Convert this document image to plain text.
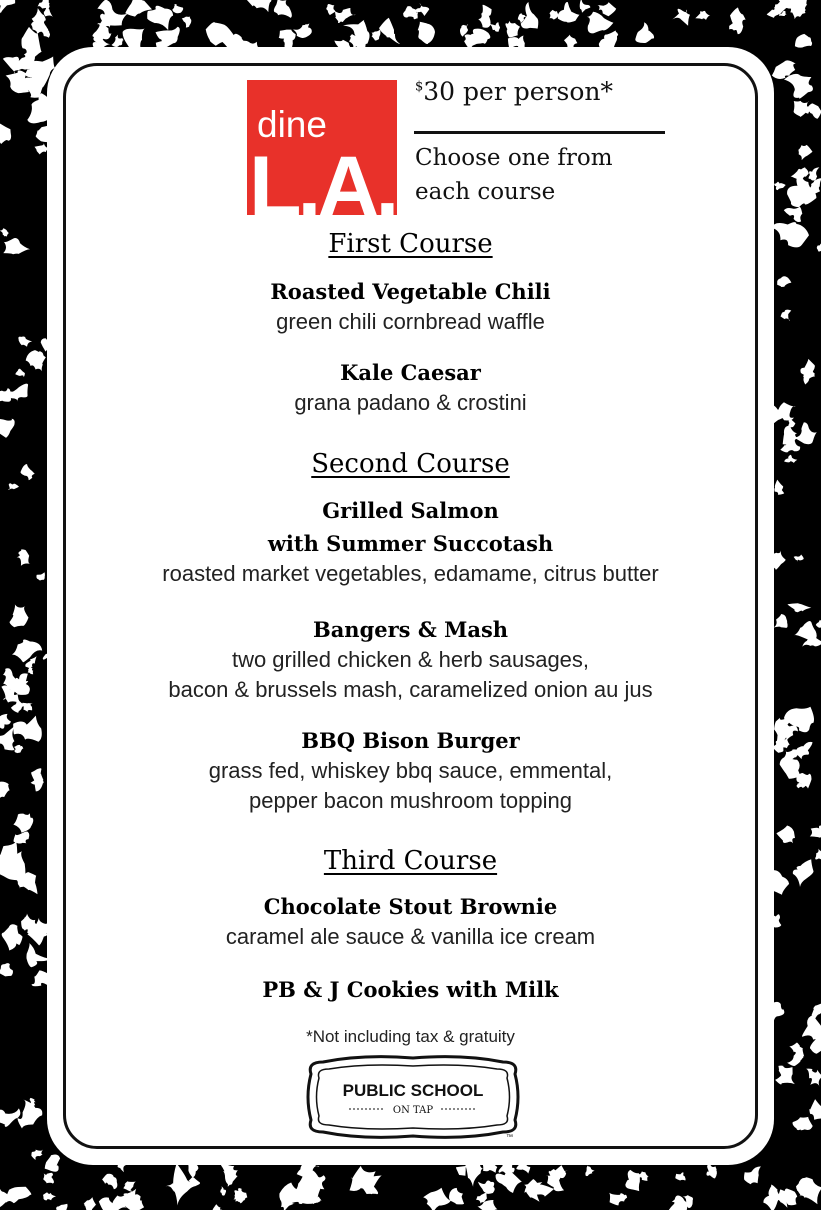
dine
L.A.
$30 per person*
Choose one from
each course
First Course
Roasted Vegetable Chili
green chili cornbread waffle
Kale Caesar
grana padano & crostini
Second Course
Grilled Salmon
with Summer Succotash
roasted market vegetables, edamame, citrus butter
Bangers & Mash
two grilled chicken & herb sausages,
bacon & brussels mash, caramelized onion au jus
BBQ Bison Burger
grass fed, whiskey bbq sauce, emmental,
pepper bacon mushroom topping
Third Course
Chocolate Stout Brownie
caramel ale sauce & vanilla ice cream
PB & J Cookies with Milk
*Not including tax & gratuity
PUBLIC SCHOOL
ON TAP
™
